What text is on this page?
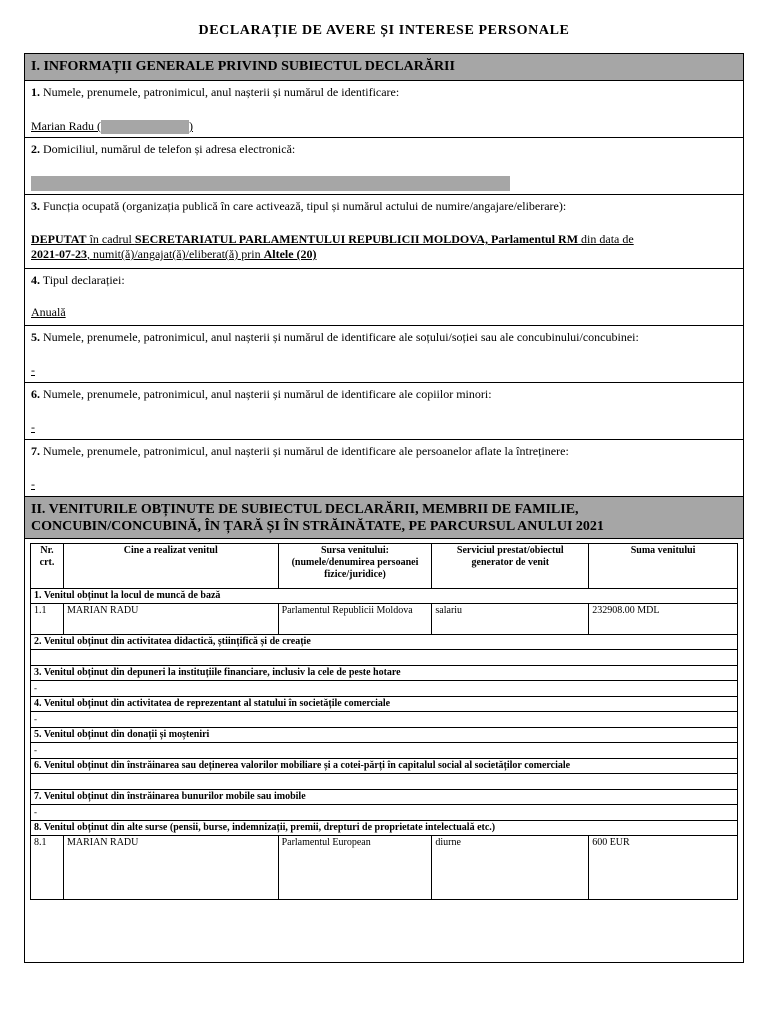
DECLARAȚIE DE AVERE ȘI INTERESE PERSONALE
I. INFORMAȚII GENERALE PRIVIND SUBIECTUL DECLARĂRII
1. Numele, prenumele, patronimicul, anul nașterii și numărul de identificare:
Marian Radu (	)
2. Domiciliul, numărul de telefon și adresa electronică:
3. Funcția ocupată (organizația publică în care activează, tipul și numărul actului de numire/angajare/eliberare):
DEPUTAT în cadrul SECRETARIATUL PARLAMENTULUI REPUBLICII MOLDOVA, Parlamentul RM din data de
2021-07-23, numit(ă)/angajat(ă)/eliberat(ă) prin Altele (20)
4. Tipul declarației:
Anuală
5. Numele, prenumele, patronimicul, anul nașterii și numărul de identificare ale soțului/soției sau ale concubinului/concubinei:
-
6. Numele, prenumele, patronimicul, anul nașterii și numărul de identificare ale copiilor minori:
-
7. Numele, prenumele, patronimicul, anul nașterii și numărul de identificare ale persoanelor aflate la întreținere:
-
II. VENITURILE OBȚINUTE DE SUBIECTUL DECLARĂRII, MEMBRII DE FAMILIE,
CONCUBIN/CONCUBINĂ, ÎN ȚARĂ ȘI ÎN STRĂINĂTATE, PE PARCURSUL ANULUI 2021
Nr. crt.	Cine a realizat venitul	Sursa venitului: (numele/denumirea persoanei fizice/juridice)	Serviciul prestat/obiectul generator de venit	Suma venitului
1. Venitul obținut la locul de muncă de bază				
1.1	MARIAN RADU	Parlamentul Republicii Moldova	salariu	232908.00 MDL
2. Venitul obținut din activitatea didactică, științifică și de creație				

3. Venitul obținut din depuneri la instituțiile financiare, inclusiv la cele de peste hotare				
-				
4. Venitul obținut din activitatea de reprezentant al statului în societățile comerciale				
-				
5. Venitul obținut din donații și moșteniri				
-				
6. Venitul obținut din înstrăinarea sau deținerea valorilor mobiliare și a cotei-părți în capitalul social al societăților comerciale				

7. Venitul obținut din înstrăinarea bunurilor mobile sau imobile				
-				
8. Venitul obținut din alte surse (pensii, burse, indemnizații, premii, drepturi de proprietate intelectuală etc.)				
8.1	MARIAN RADU	Parlamentul European	diurne	600 EUR
